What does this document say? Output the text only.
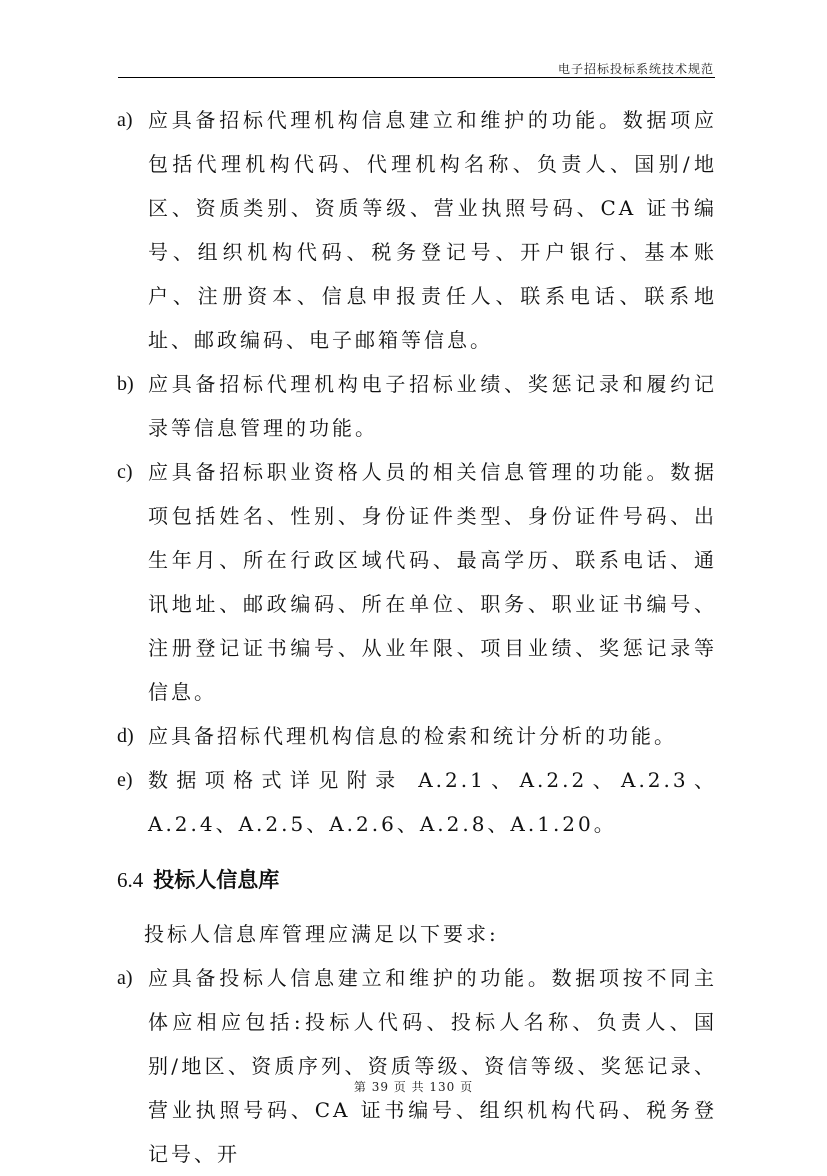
电子招标投标系统技术规范
a) 应具备招标代理机构信息建立和维护的功能。数据项应包括代理机构代码、代理机构名称、负责人、国别/地区、资质类别、资质等级、营业执照号码、CA 证书编号、组织机构代码、税务登记号、开户银行、基本账户、注册资本、信息申报责任人、联系电话、联系地址、邮政编码、电子邮箱等信息。
b) 应具备招标代理机构电子招标业绩、奖惩记录和履约记录等信息管理的功能。
c) 应具备招标职业资格人员的相关信息管理的功能。数据项包括姓名、性别、身份证件类型、身份证件号码、出生年月、所在行政区域代码、最高学历、联系电话、通讯地址、邮政编码、所在单位、职务、职业证书编号、注册登记证书编号、从业年限、项目业绩、奖惩记录等信息。
d) 应具备招标代理机构信息的检索和统计分析的功能。
e) 数据项格式详见附录 A.2.1、A.2.2、A.2.3、A.2.4、A.2.5、A.2.6、A.2.8、A.1.20。
6.4 投标人信息库
投标人信息库管理应满足以下要求:
a) 应具备投标人信息建立和维护的功能。数据项按不同主体应相应包括:投标人代码、投标人名称、负责人、国别/地区、资质序列、资质等级、资信等级、奖惩记录、营业执照号码、CA 证书编号、组织机构代码、税务登记号、开
第 39 页 共 130 页
